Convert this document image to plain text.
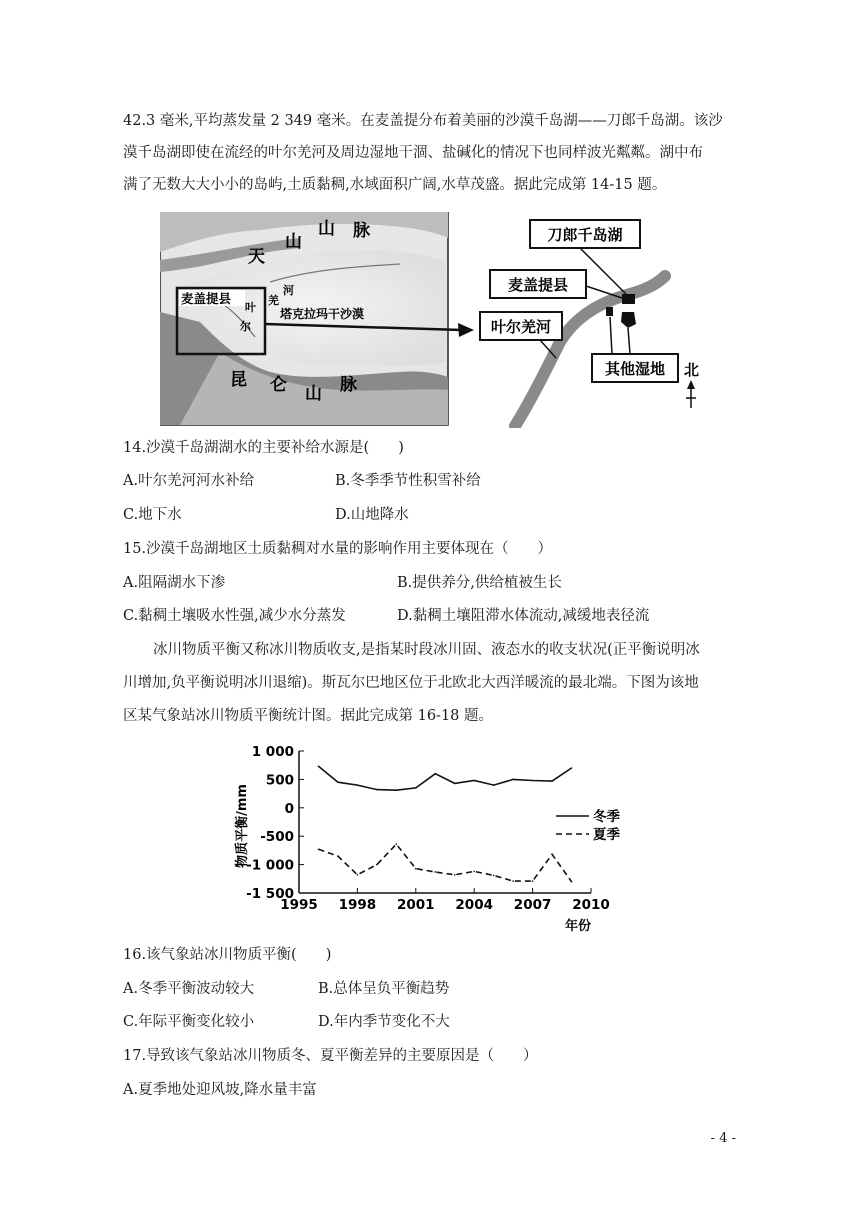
42.3 毫米,平均蒸发量 2 349 毫米。在麦盖提分布着美丽的沙漠千岛湖——刀郎千岛湖。该沙
漠千岛湖即使在流经的叶尔羌河及周边湿地干涸、盐碱化的情况下也同样波光粼粼。湖中布
满了无数大大小小的岛屿,土质黏稠,水域面积广阔,水草茂盛。据此完成第 14-15 题。
天
山
山 脉
昆 仑 山 脉
麦盖提县
叶
尔
羌
河
塔克拉玛干沙漠
刀郎千岛湖
麦盖提县
叶尔羌河
其他湿地 北
14.沙漠千岛湖湖水的主要补给水源是(　　)
A.叶尔羌河河水补给	B.冬季季节性积雪补给
C.地下水	D.山地降水
15.沙漠千岛湖地区土质黏稠对水量的影响作用主要体现在（　　）
A.阻隔湖水下渗	B.提供养分,供给植被生长
C.黏稠土壤吸水性强,减少水分蒸发	D.黏稠土壤阻滞水体流动,减缓地表径流
冰川物质平衡又称冰川物质收支,是指某时段冰川固、液态水的收支状况(正平衡说明冰
川增加,负平衡说明冰川退缩)。斯瓦尔巴地区位于北欧北大西洋暖流的最北端。下图为该地
区某气象站冰川物质平衡统计图。据此完成第 16-18 题。
1 000
500
0
-500
-1 000
-1 500
1995 1998 2001 2004 2007 2010
冬季
夏季
物质平衡/mm
年份
16.该气象站冰川物质平衡(　　)
A.冬季平衡波动较大	B.总体呈负平衡趋势
C.年际平衡变化较小	D.年内季节变化不大
17.导致该气象站冰川物质冬、夏平衡差异的主要原因是（　　）
A.夏季地处迎风坡,降水量丰富
- 4 -
